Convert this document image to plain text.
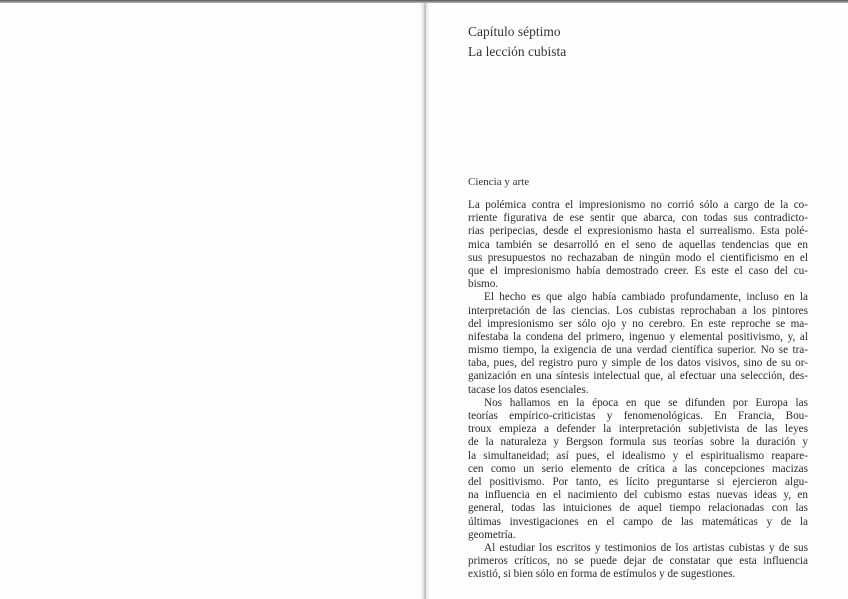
Capítulo séptimo
La lección cubista
Ciencia y arte
La polémica contra el impresionismo no corrió sólo a cargo de la co-
rriente figurativa de ese sentir que abarca, con todas sus contradicto-
rias peripecias, desde el expresionismo hasta el surrealismo. Esta polé-
mica también se desarrolló en el seno de aquellas tendencias que en
sus presupuestos no rechazaban de ningún modo el cientificismo en el
que el impresionismo había demostrado creer. Es este el caso del cu-
bismo.
El hecho es que algo había cambiado profundamente, incluso en la
interpretación de las ciencias. Los cubistas reprochaban a los pintores
del impresionismo ser sólo ojo y no cerebro. En este reproche se ma-
nifestaba la condena del primero, ingenuo y elemental positivismo, y, al
mismo tiempo, la exigencia de una verdad científica superior. No se tra-
taba, pues, del registro puro y simple de los datos visivos, sino de su or-
ganización en una síntesis intelectual que, al efectuar una selección, des-
tacase los datos esenciales.
Nos hallamos en la época en que se difunden por Europa las
teorías empírico-criticistas y fenomenológicas. En Francia, Bou-
troux empieza a defender la interpretación subjetivista de las leyes
de la naturaleza y Bergson formula sus teorías sobre la duración y
la simultaneidad; así pues, el idealismo y el espiritualismo reapare-
cen como un serio elemento de crítica a las concepciones macizas
del positivismo. Por tanto, es lícito preguntarse si ejercieron algu-
na influencia en el nacimiento del cubismo estas nuevas ideas y, en
general, todas las intuiciones de aquel tiempo relacionadas con las
últimas investigaciones en el campo de las matemáticas y de la
geometría.
Al estudiar los escritos y testimonios de los artistas cubistas y de sus
primeros críticos, no se puede dejar de constatar que esta influencia
existió, si bien sólo en forma de estímulos y de sugestiones.
